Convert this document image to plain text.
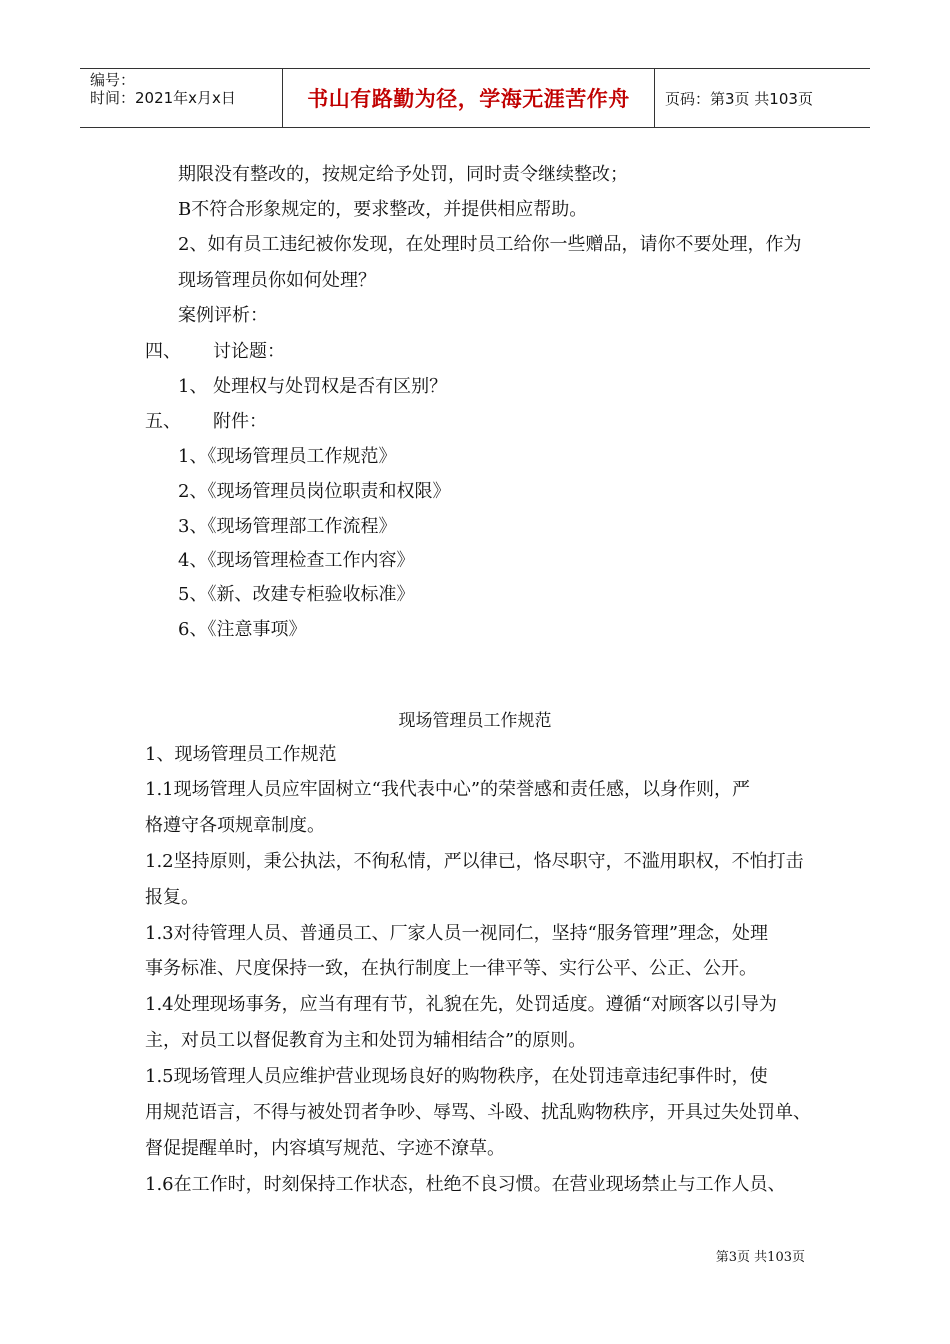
编号：
时间：2021年x月x日	书山有路勤为径，学海无涯苦作舟	页码：第3页 共103页
期限没有整改的，按规定给予处罚，同时责令继续整改；
B不符合形象规定的，要求整改，并提供相应帮助。
2、如有员工违纪被你发现，在处理时员工给你一些赠品，请你不要处理，作为
现场管理员你如何处理？
案例评析：
四、 讨论题：
1、 处理权与处罚权是否有区别？
五、 附件：
1、《现场管理员工作规范》
2、《现场管理员岗位职责和权限》
3、《现场管理部工作流程》
4、《现场管理检查工作内容》
5、《新、改建专柜验收标准》
6、《注意事项》
现场管理员工作规范
1、现场管理员工作规范
1.1现场管理人员应牢固树立“我代表中心”的荣誉感和责任感，以身作则，严
格遵守各项规章制度。
1.2坚持原则，秉公执法，不徇私情，严以律已，恪尽职守，不滥用职权，不怕打击
报复。
1.3对待管理人员、普通员工、厂家人员一视同仁，坚持“服务管理”理念，处理
事务标准、尺度保持一致，在执行制度上一律平等、实行公平、公正、公开。
1.4处理现场事务，应当有理有节，礼貌在先，处罚适度。遵循“对顾客以引导为
主，对员工以督促教育为主和处罚为辅相结合”的原则。
1.5现场管理人员应维护营业现场良好的购物秩序，在处罚违章违纪事件时，使
用规范语言，不得与被处罚者争吵、辱骂、斗殴、扰乱购物秩序，开具过失处罚单、
督促提醒单时，内容填写规范、字迹不潦草。
1.6在工作时，时刻保持工作状态，杜绝不良习惯。在营业现场禁止与工作人员、
第3页 共103页
